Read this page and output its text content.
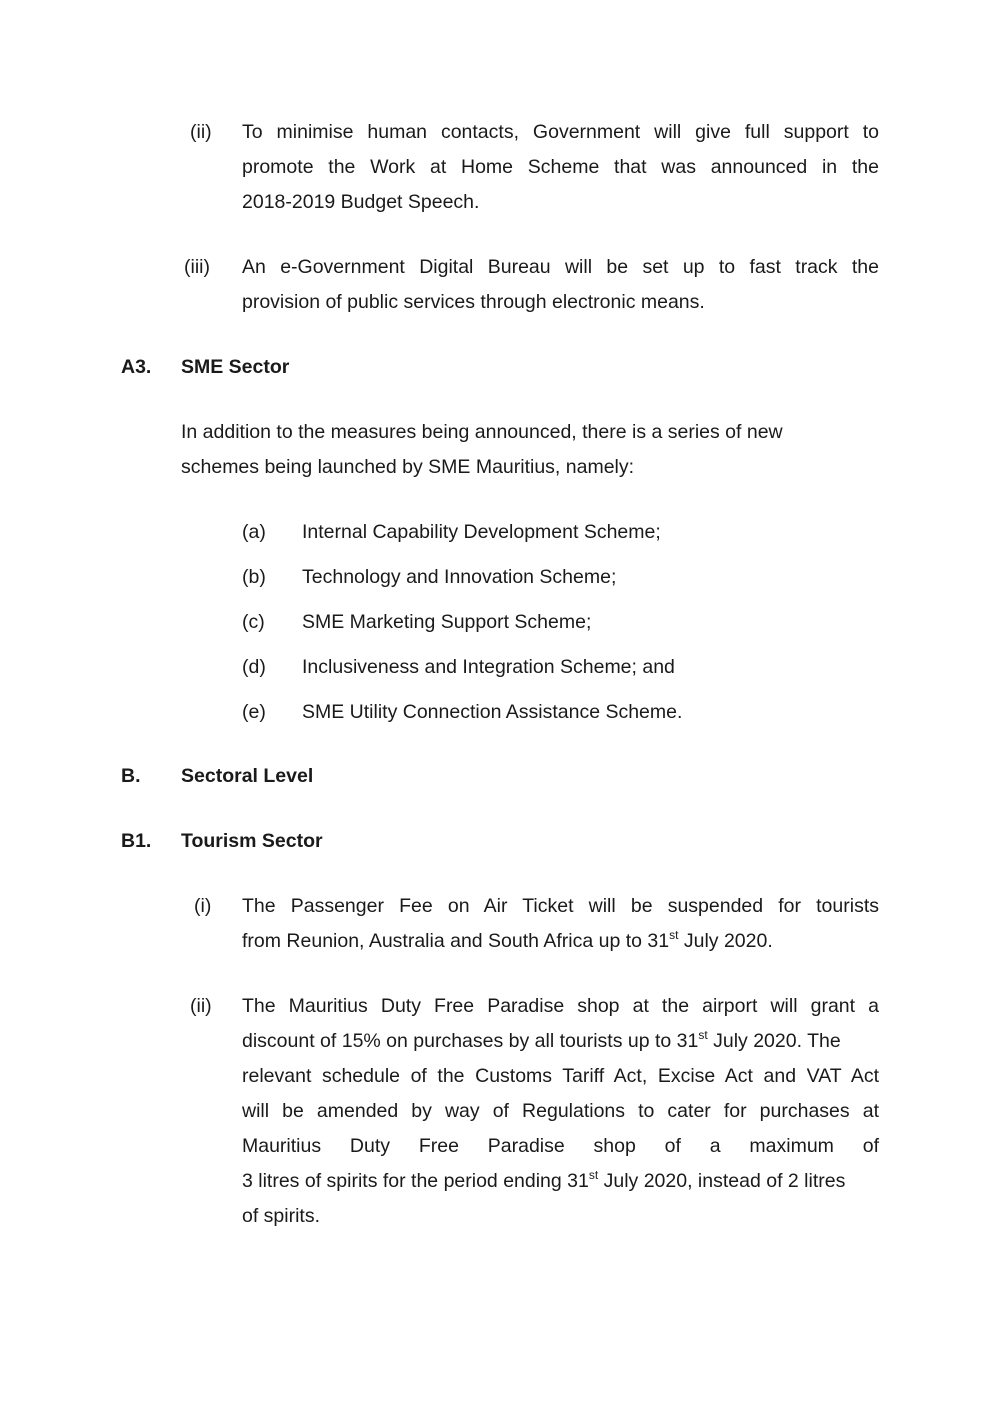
(ii) To minimise human contacts, Government will give full support to
promote the Work at Home Scheme that was announced in the
2018-2019 Budget Speech.
(iii) An e-Government Digital Bureau will be set up to fast track the
provision of public services through electronic means.
A3. SME Sector
In addition to the measures being announced, there is a series of new
schemes being launched by SME Mauritius, namely:
(a) Internal Capability Development Scheme;
(b) Technology and Innovation Scheme;
(c) SME Marketing Support Scheme;
(d) Inclusiveness and Integration Scheme; and
(e) SME Utility Connection Assistance Scheme.
B. Sectoral Level
B1. Tourism Sector
(i) The Passenger Fee on Air Ticket will be suspended for tourists
from Reunion, Australia and South Africa up to 31st July 2020.
(ii) The Mauritius Duty Free Paradise shop at the airport will grant a
discount of 15% on purchases by all tourists up to 31st July 2020. The
relevant schedule of the Customs Tariff Act, Excise Act and VAT Act
will be amended by way of Regulations to cater for purchases at
Mauritius Duty Free Paradise shop of a maximum of
3 litres of spirits for the period ending 31st July 2020, instead of 2 litres
of spirits.
